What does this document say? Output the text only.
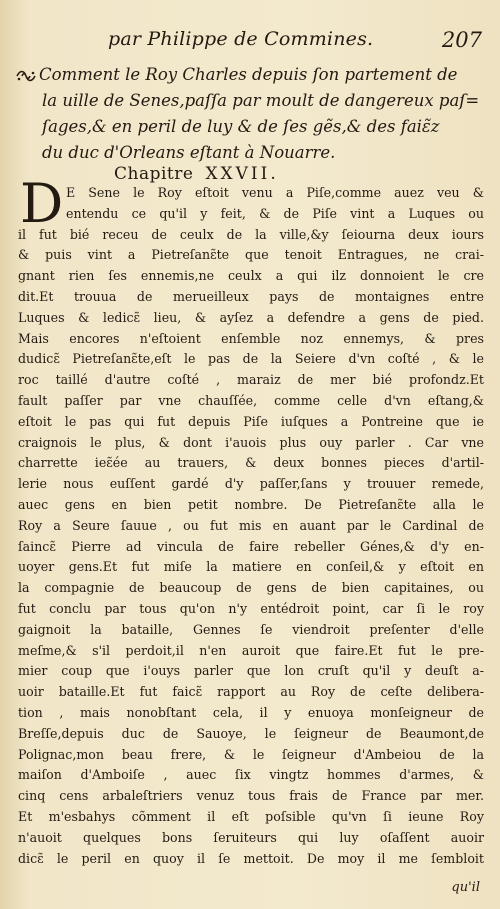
par Philippe de Commines.	207
Comment le Roy Charles depuis ſon partement de
la uille de Senes,paſſa par moult de dangereux paſ=
ſages,& en peril de luy & de ſes gẽs,& des faiɛ̃z
du duc d'Orleans eſtant à Nouarre.
Chapitre XXVII.
D E Sene le Roy eſtoit venu a Piſe,comme auez veu &
entendu ce qu'il y feit, & de Piſe vint a Luques ou
il fut bié receu de ceulx de la ville,&y ſeiourna deux iours
& puis vint a Pietreſanɛ̃te que tenoit Entragues, ne crai-
gnant rien ſes ennemis,ne ceulx a qui ilz donnoient le cre
dit.Et trouua de merueilleux pays de montaignes entre
Luques & ledicɛ̃ lieu, & ayſez a defendre a gens de pied.
Mais encores n'eſtoient enſemble noz ennemys, & pres
dudicɛ̃ Pietreſanɛ̃te,eſt le pas de la Seiere d'vn coſté , & le
roc taillé d'autre coſté , maraiz de mer bié profondz.Et
fault paſſer par vne chauſſée, comme celle d'vn eſtang,&
eſtoit le pas qui fut depuis Piſe iuſques a Pontreine que ie
craignois le plus, & dont i'auois plus ouy parler . Car vne
charrette ieɛ̃ée au trauers, & deux bonnes pieces d'artil-
lerie nous euſſent gardé d'y paſſer,ſans y trouuer remede,
auec gens en bien petit nombre. De Pietreſanɛ̃te alla le
Roy a Seure ſauue , ou fut mis en auant par le Cardinal de
ſaincɛ̃ Pierre ad vincula de faire rebeller Génes,& d'y en-
uoyer gens.Et fut miſe la matiere en conſeil,& y eſtoit en
la compagnie de beaucoup de gens de bien capitaines, ou
fut conclu par tous qu'on n'y entédroit point, car ſi le roy
gaignoit la bataille, Gennes ſe viendroit preſenter d'elle
meſme,& s'il perdoit,il n'en auroit que faire.Et fut le pre-
mier coup que i'ouys parler que lon cruſt qu'il y deuſt a-
uoir bataille.Et fut faicɛ̃ rapport au Roy de ceſte delibera-
tion , mais nonobſtant cela, il y enuoya monſeigneur de
Breſſe,depuis duc de Sauoye, le ſeigneur de Beaumont,de
Polignac,mon beau frere, & le ſeigneur d'Ambeiou de la
maiſon d'Amboiſe , auec ſix vingtz hommes d'armes, &
cinq cens arbaleſtriers venuz tous frais de France par mer.
Et m'esbahys cõmment il eſt poſsible qu'vn ſi ieune Roy
n'auoit quelques bons ſeruiteurs qui luy oſaſſent auoir
dicɛ̃ le peril en quoy il ſe mettoit. De moy il me ſembloit
qu'il
